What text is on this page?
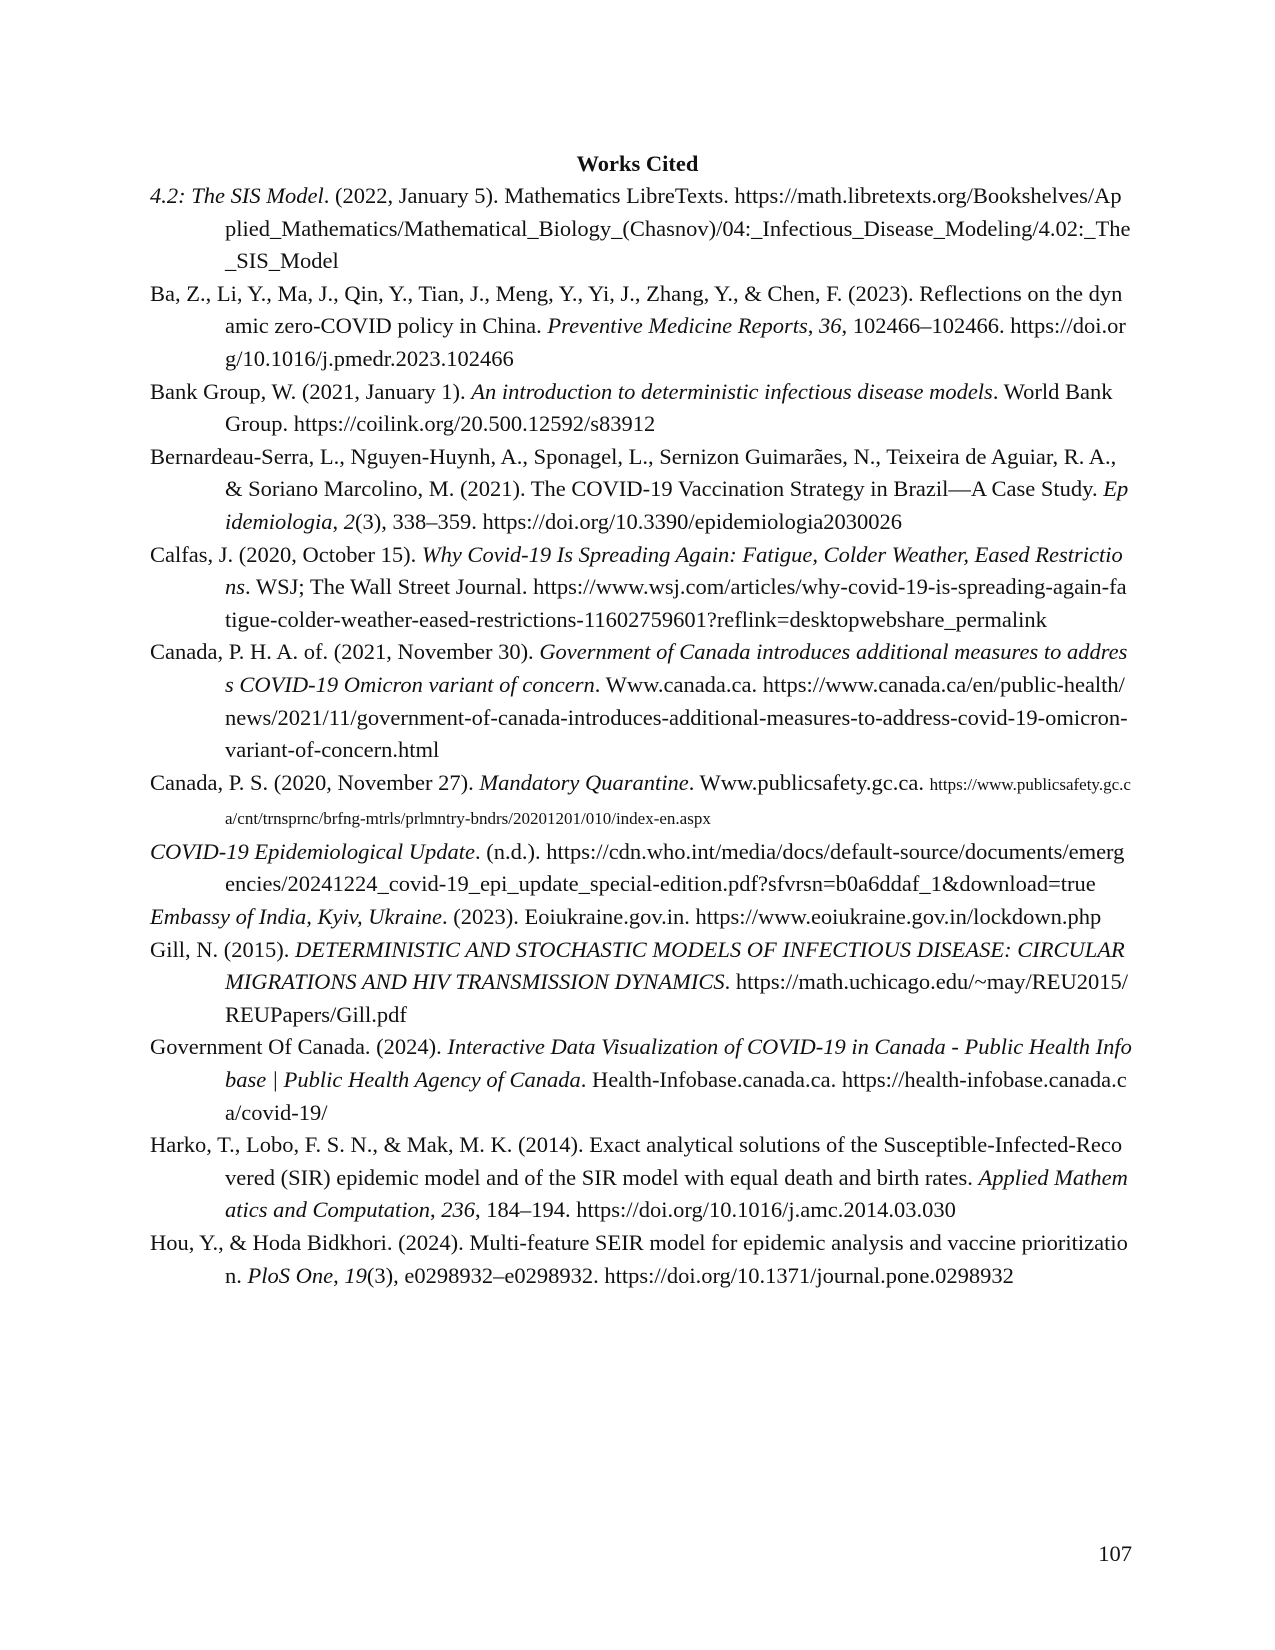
Works Cited
4.2: The SIS Model. (2022, January 5). Mathematics LibreTexts. https://math.libretexts.org/Bookshelves/Applied_Mathematics/Mathematical_Biology_(Chasnov)/04:_Infectious_Disease_Modeling/4.02:_The_SIS_Model
Ba, Z., Li, Y., Ma, J., Qin, Y., Tian, J., Meng, Y., Yi, J., Zhang, Y., & Chen, F. (2023). Reflections on the dynamic zero-COVID policy in China. Preventive Medicine Reports, 36, 102466–102466. https://doi.org/10.1016/j.pmedr.2023.102466
Bank Group, W. (2021, January 1). An introduction to deterministic infectious disease models. World Bank Group. https://coilink.org/20.500.12592/s83912
Bernardeau-Serra, L., Nguyen-Huynh, A., Sponagel, L., Sernizon Guimarães, N., Teixeira de Aguiar, R. A., & Soriano Marcolino, M. (2021). The COVID-19 Vaccination Strategy in Brazil—A Case Study. Epidemiologia, 2(3), 338–359. https://doi.org/10.3390/epidemiologia2030026
Calfas, J. (2020, October 15). Why Covid-19 Is Spreading Again: Fatigue, Colder Weather, Eased Restrictions. WSJ; The Wall Street Journal. https://www.wsj.com/articles/why-covid-19-is-spreading-again-fatigue-colder-weather-eased-restrictions-11602759601?reflink=desktopwebshare_permalink
Canada, P. H. A. of. (2021, November 30). Government of Canada introduces additional measures to address COVID-19 Omicron variant of concern. Www.canada.ca. https://www.canada.ca/en/public-health/news/2021/11/government-of-canada-introduces-additional-measures-to-address-covid-19-omicron-variant-of-concern.html
Canada, P. S. (2020, November 27). Mandatory Quarantine. Www.publicsafety.gc.ca. https://www.publicsafety.gc.ca/cnt/trnsprnc/brfng-mtrls/prlmntry-bndrs/20201201/010/index-en.aspx
COVID-19 Epidemiological Update. (n.d.). https://cdn.who.int/media/docs/default-source/documents/emergencies/20241224_covid-19_epi_update_special-edition.pdf?sfvrsn=b0a6ddaf_1&download=true
Embassy of India, Kyiv, Ukraine. (2023). Eoiukraine.gov.in. https://www.eoiukraine.gov.in/lockdown.php
Gill, N. (2015). DETERMINISTIC AND STOCHASTIC MODELS OF INFECTIOUS DISEASE: CIRCULAR MIGRATIONS AND HIV TRANSMISSION DYNAMICS. https://math.uchicago.edu/~may/REU2015/REUPapers/Gill.pdf
Government Of Canada. (2024). Interactive Data Visualization of COVID-19 in Canada - Public Health Infobase | Public Health Agency of Canada. Health-Infobase.canada.ca. https://health-infobase.canada.ca/covid-19/
Harko, T., Lobo, F. S. N., & Mak, M. K. (2014). Exact analytical solutions of the Susceptible-Infected-Recovered (SIR) epidemic model and of the SIR model with equal death and birth rates. Applied Mathematics and Computation, 236, 184–194. https://doi.org/10.1016/j.amc.2014.03.030
Hou, Y., & Hoda Bidkhori. (2024). Multi-feature SEIR model for epidemic analysis and vaccine prioritization. PloS One, 19(3), e0298932–e0298932. https://doi.org/10.1371/journal.pone.0298932
107
